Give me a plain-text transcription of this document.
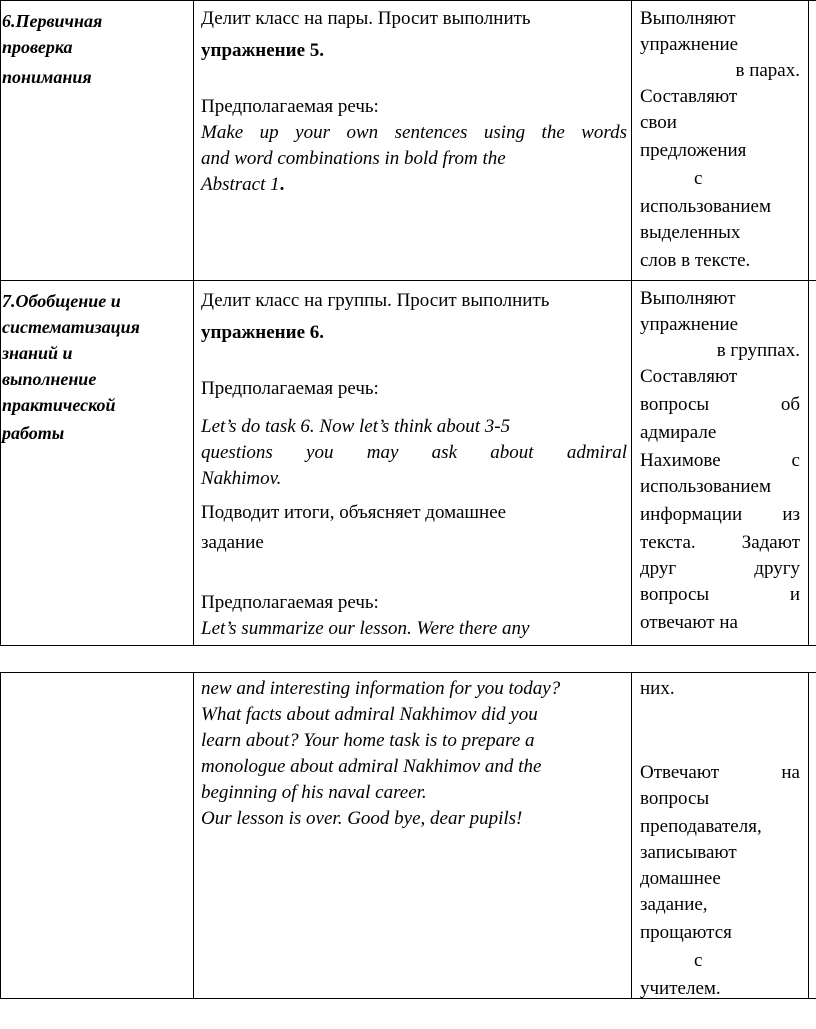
6.Первичная
проверка
понимания
Делит класс на пары. Просит выполнить
упражнение 5.
Предполагаемая речь:
Make up your own sentences using the words
and word combinations in bold from the
Abstract 1.
Выполняют
упражнение
в парах.
Составляют
свои
предложения
с
использованием
выделенных
слов в тексте.
7.Обобщение и
систематизация
знаний и
выполнение
практической
работы
Делит класс на группы. Просит выполнить
упражнение 6.
Предполагаемая речь:
Let’s do task 6. Now let’s think about 3-5
questions you may ask about admiral
Nakhimov.
Подводит итоги, объясняет домашнее
задание
Предполагаемая речь:
Let’s summarize our lesson. Were there any
Выполняют
упражнение
в группах.
Составляют
вопросы об
адмирале
Нахимове с
использованием
информации из
текста. Задают
друг другу
вопросы и
отвечают на
new and interesting information for you today?
What facts about admiral Nakhimov did you
learn about? Your home task is to prepare a
monologue about admiral Nakhimov and the
beginning of his naval career.
Our lesson is over. Good bye, dear pupils!
них.
Отвечают на
вопросы
преподавателя,
записывают
домашнее
задание,
прощаются
с
учителем.
